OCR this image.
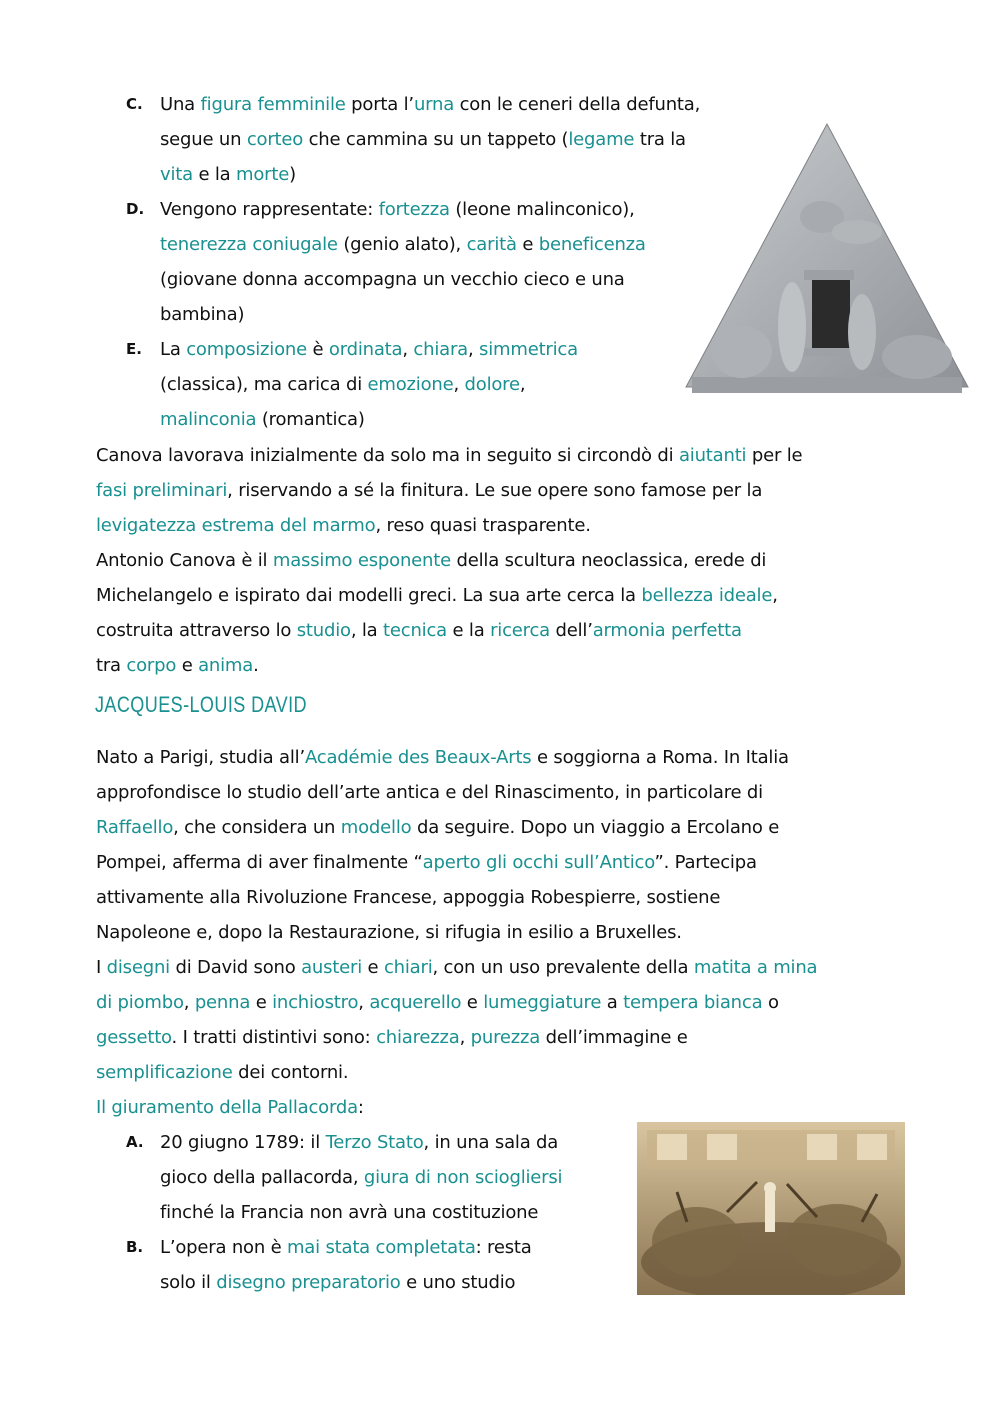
C. Una figura femminile porta l’urna con le ceneri della defunta,
segue un corteo che cammina su un tappeto (legame tra la
vita e la morte)
D. Vengono rappresentate: fortezza (leone malinconico),
tenerezza coniugale (genio alato), carità e beneficenza
(giovane donna accompagna un vecchio cieco e una
bambina)
E. La composizione è ordinata, chiara, simmetrica
(classica), ma carica di emozione, dolore,
malinconia (romantica)
Canova lavorava inizialmente da solo ma in seguito si circondò di aiutanti per le
fasi preliminari, riservando a sé la finitura. Le sue opere sono famose per la
levigatezza estrema del marmo, reso quasi trasparente.
Antonio Canova è il massimo esponente della scultura neoclassica, erede di
Michelangelo e ispirato dai modelli greci. La sua arte cerca la bellezza ideale,
costruita attraverso lo studio, la tecnica e la ricerca dell’armonia perfetta
tra corpo e anima.
JACQUES-LOUIS DAVID
Nato a Parigi, studia all’Académie des Beaux-Arts e soggiorna a Roma. In Italia
approfondisce lo studio dell’arte antica e del Rinascimento, in particolare di
Raffaello, che considera un modello da seguire. Dopo un viaggio a Ercolano e
Pompei, afferma di aver finalmente “aperto gli occhi sull’Antico”. Partecipa
attivamente alla Rivoluzione Francese, appoggia Robespierre, sostiene
Napoleone e, dopo la Restaurazione, si rifugia in esilio a Bruxelles.
I disegni di David sono austeri e chiari, con un uso prevalente della matita a mina
di piombo, penna e inchiostro, acquerello e lumeggiature a tempera bianca o
gessetto. I tratti distintivi sono: chiarezza, purezza dell’immagine e
semplificazione dei contorni.
Il giuramento della Pallacorda:
A. 20 giugno 1789: il Terzo Stato, in una sala da
gioco della pallacorda, giura di non sciogliersi
finché la Francia non avrà una costituzione
B. L’opera non è mai stata completata: resta
solo il disegno preparatorio e uno studio
